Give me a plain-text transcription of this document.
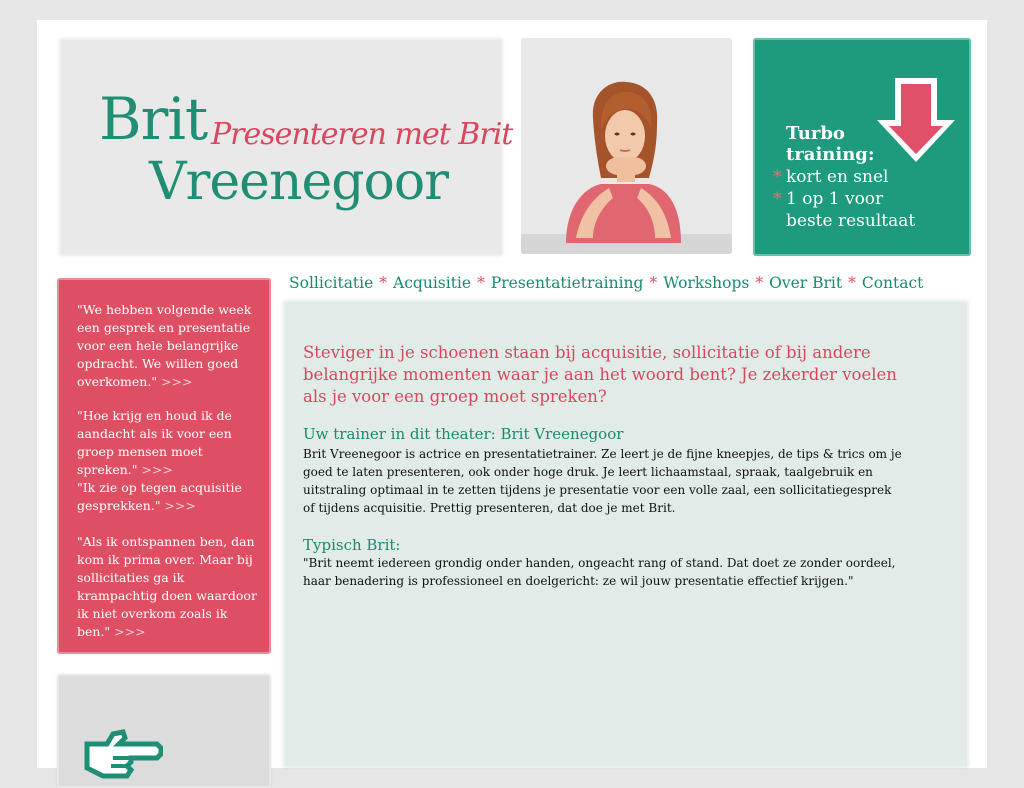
Brit Presenteren met Brit
Vreenegoor
Turbo training:
* kort en snel
* 1 op 1 voor beste resultaat
Sollicitatie * Acquisitie * Presentatietraining * Workshops * Over Brit * Contact
"We hebben volgende week een gesprek en presentatie voor een hele belangrijke opdracht. We willen goed overkomen." >>>
"Hoe krijg en houd ik de aandacht als ik voor een groep mensen moet spreken." >>>
"Ik zie op tegen acquisitie gesprekken." >>>
"Als ik ontspannen ben, dan kom ik prima over. Maar bij sollicitaties ga ik krampachtig doen waardoor ik niet overkom zoals ik ben." >>>
Steviger in je schoenen staan bij acquisitie, sollicitatie of bij andere belangrijke momenten waar je aan het woord bent? Je zekerder voelen als je voor een groep moet spreken?
Uw trainer in dit theater: Brit Vreenegoor
Brit Vreenegoor is actrice en presentatietrainer. Ze leert je de fijne kneepjes, de tips & trics om je goed te laten presenteren, ook onder hoge druk. Je leert lichaamstaal, spraak, taalgebruik en uitstraling optimaal in te zetten tijdens je presentatie voor een volle zaal, een sollicitatiegesprek of tijdens acquisitie. Prettig presenteren, dat doe je met Brit.
Typisch Brit:
"Brit neemt iedereen grondig onder handen, ongeacht rang of stand. Dat doet ze zonder oordeel, haar benadering is professioneel en doelgericht: ze wil jouw presentatie effectief krijgen."
